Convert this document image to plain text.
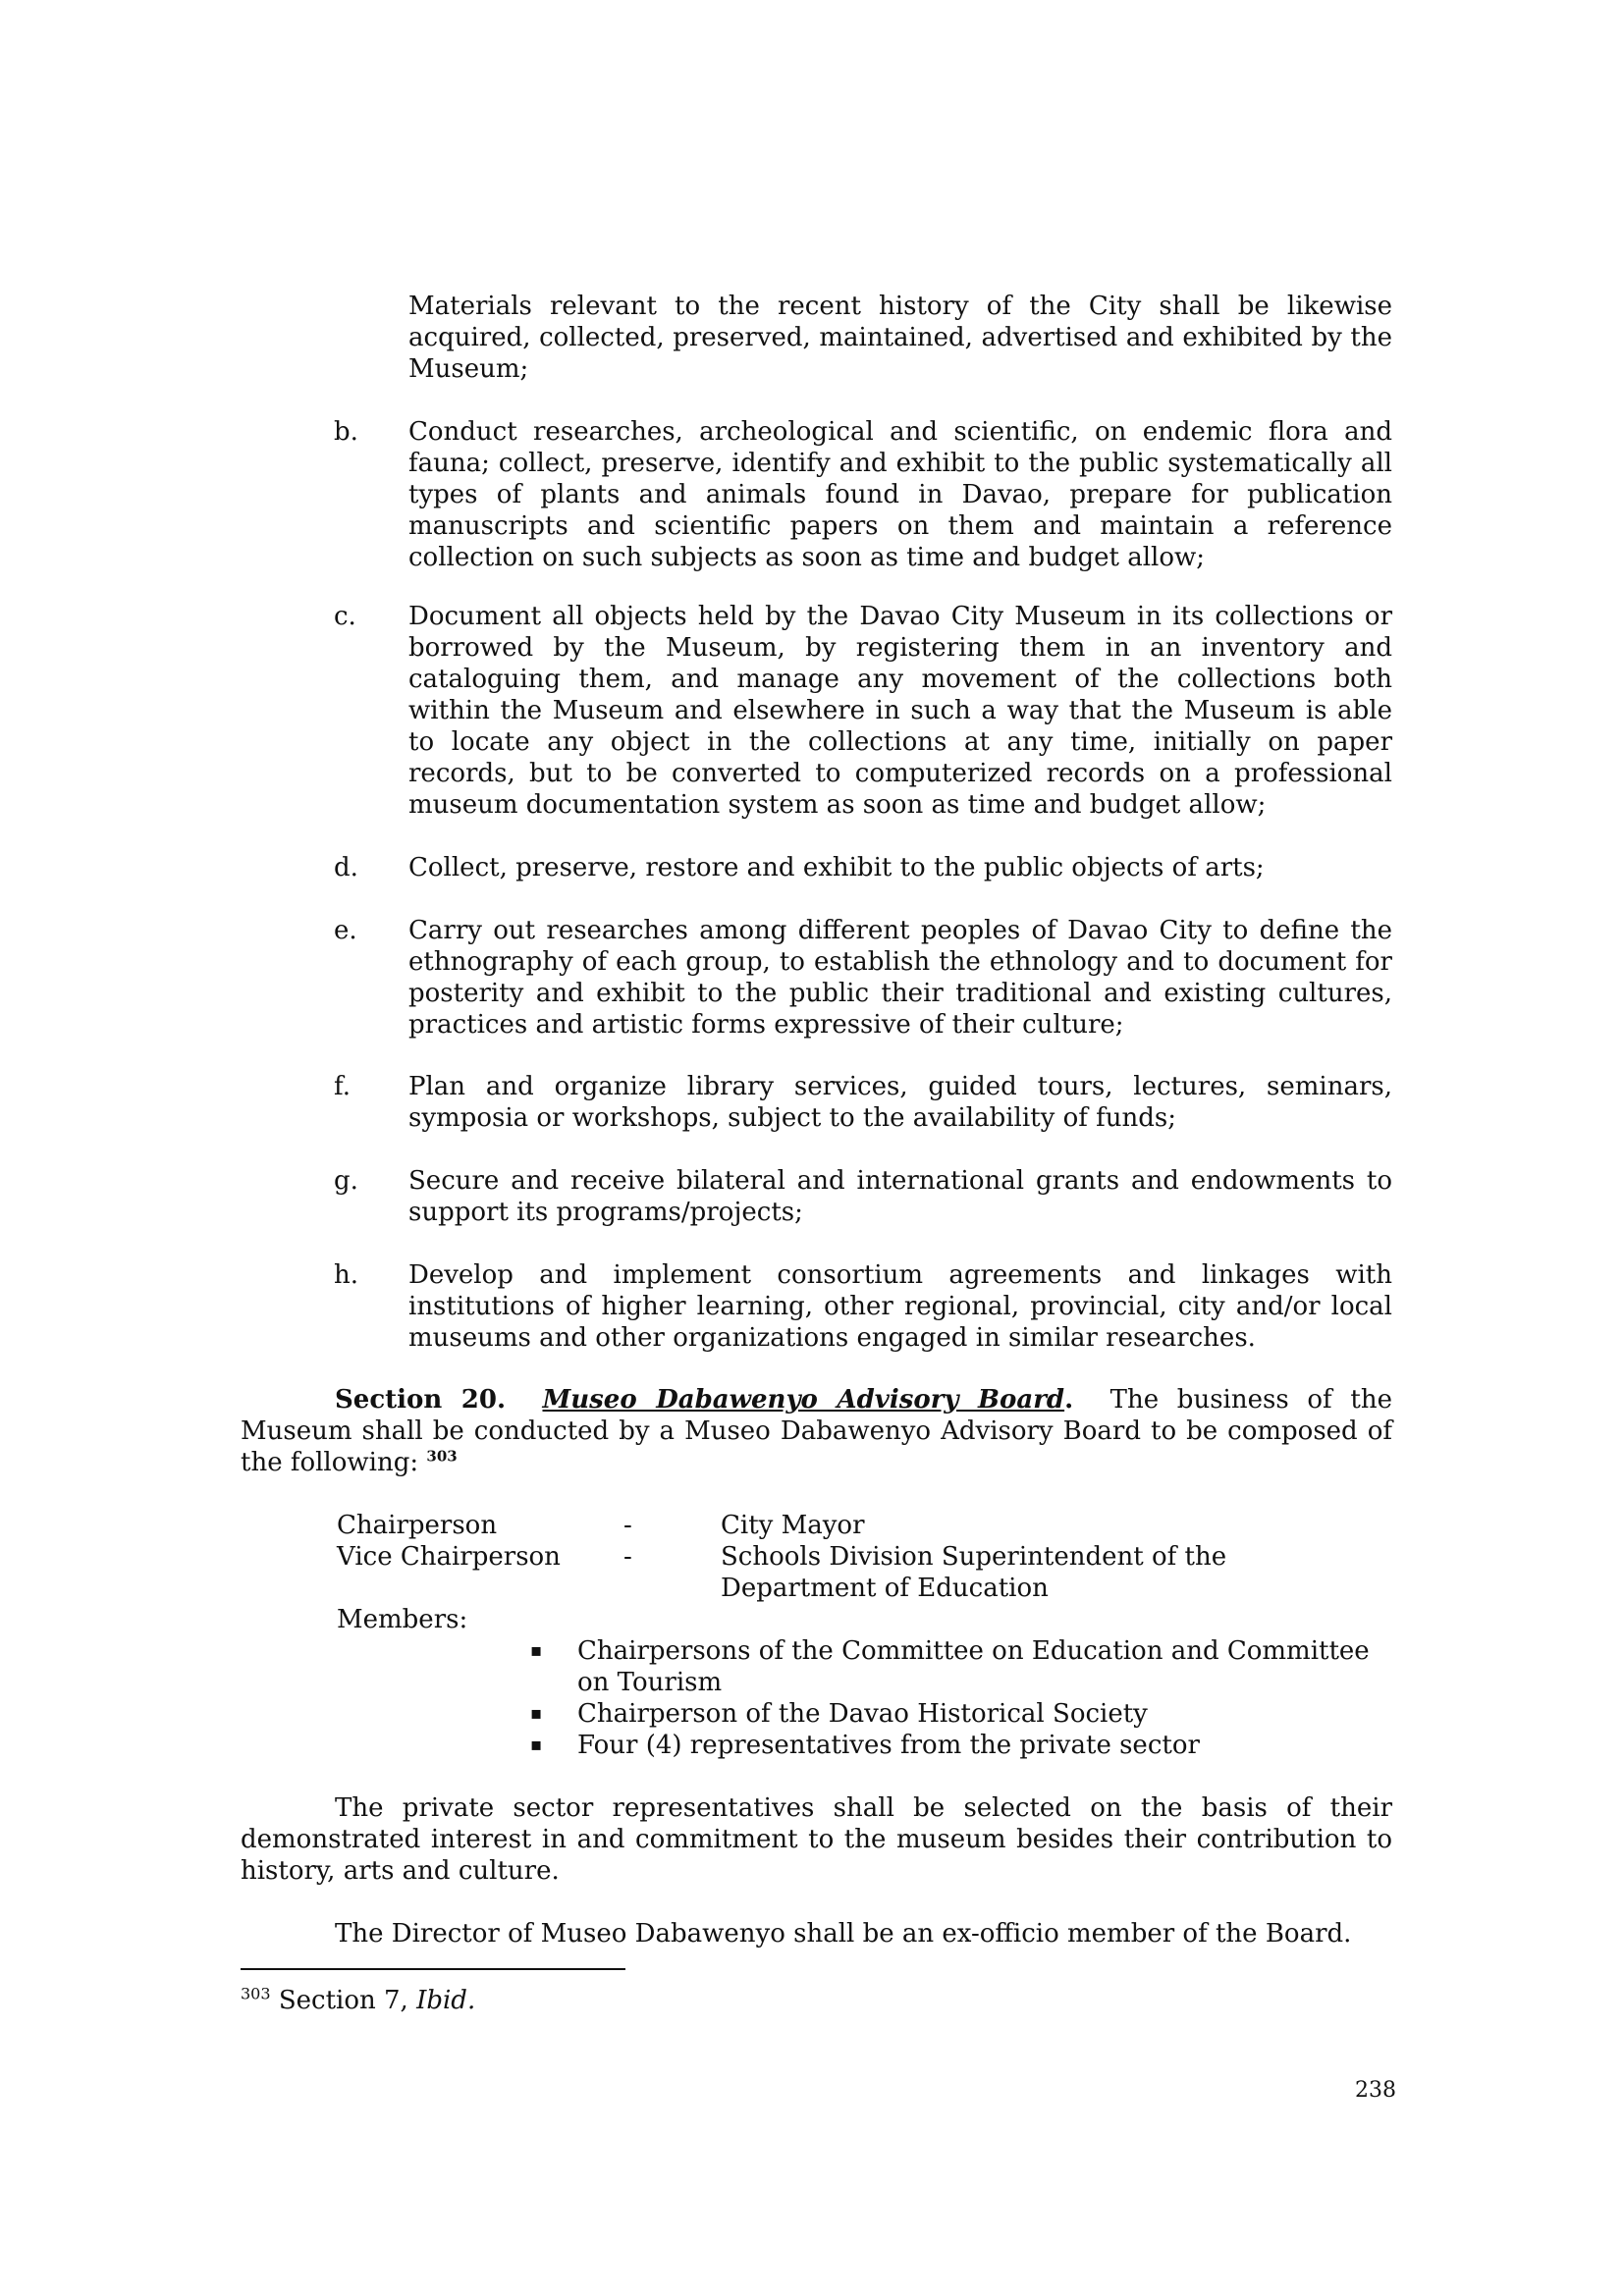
Materials relevant to the recent history of the City shall be likewise acquired, collected, preserved, maintained, advertised and exhibited by the Museum;
b.	Conduct researches, archeological and scientific, on endemic flora and fauna; collect, preserve, identify and exhibit to the public systematically all types of plants and animals found in Davao, prepare for publication manuscripts and scientific papers on them and maintain a reference collection on such subjects as soon as time and budget allow;
c.	Document all objects held by the Davao City Museum in its collections or borrowed by the Museum, by registering them in an inventory and cataloguing them, and manage any movement of the collections both within the Museum and elsewhere in such a way that the Museum is able to locate any object in the collections at any time, initially on paper records, but to be converted to computerized records on a professional museum documentation system as soon as time and budget allow;
d.	Collect, preserve, restore and exhibit to the public objects of arts;
e.	Carry out researches among different peoples of Davao City to define the ethnography of each group, to establish the ethnology and to document for posterity and exhibit to the public their traditional and existing cultures, practices and artistic forms expressive of their culture;
f.	Plan and organize library services, guided tours, lectures, seminars, symposia or workshops, subject to the availability of funds;
g.	Secure and receive bilateral and international grants and endowments to support its programs/projects;
h.	Develop and implement consortium agreements and linkages with institutions of higher learning, other regional, provincial, city and/or local museums and other organizations engaged in similar researches.
Section 20. Museo Dabawenyo Advisory Board. The business of the Museum shall be conducted by a Museo Dabawenyo Advisory Board to be composed of the following: $^{303}$
Chairperson	-	City Mayor
Vice Chairperson -	Schools Division Superintendent of the Department of Education
Members:

▪ Chairpersons of the Committee on Education and Committee on Tourism

▪ Chairperson of the Davao Historical Society

▪ Four (4) representatives from the private sector

The private sector representatives shall be selected on the basis of their demonstrated interest in and commitment to the museum besides their contribution to history, arts and culture.
The Director of Museo Dabawenyo shall be an ex-officio member of the Board.
$^{303}$ Section 7, Ibid.
238
